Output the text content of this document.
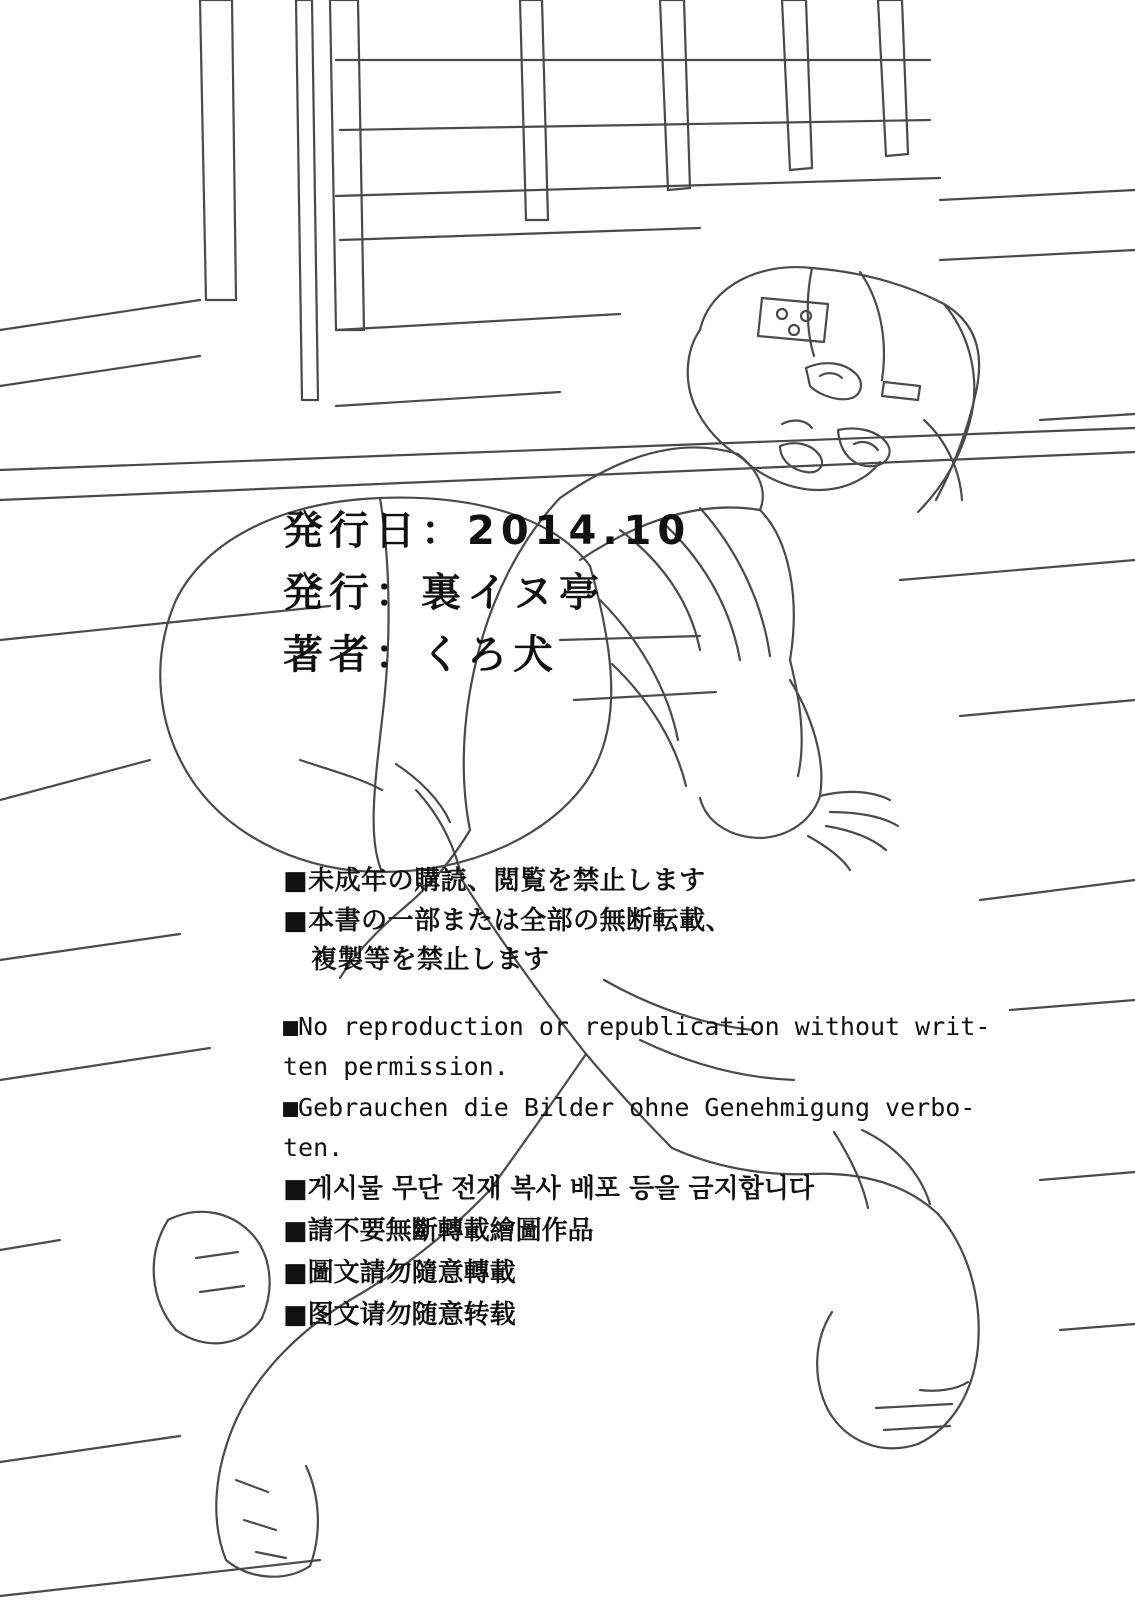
発行日：2014.10
発行：裏イヌ亭
著者：くろ犬
■未成年の購読、閲覧を禁止します
■本書の一部または全部の無断転載、
複製等を禁止します
■No reproduction or republication without writ-
ten permission.
■Gebrauchen die Bilder ohne Genehmigung verbo-
ten.
■게시물 무단 전재 복사 배포 등을 금지합니다
■請不要無斷轉載繪圖作品
■圖文請勿隨意轉載
■图文请勿随意转载
